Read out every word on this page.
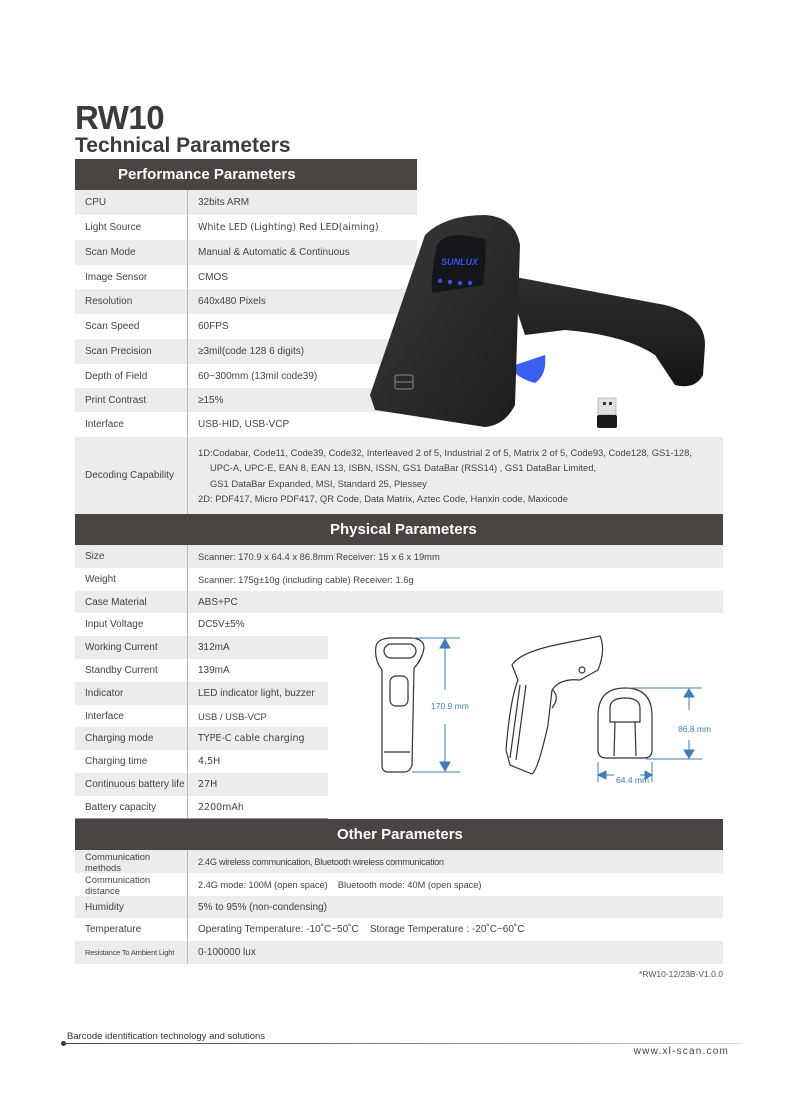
RW10
Technical Parameters
Performance Parameters
CPU	32bits ARM
Light Source	White LED (Lighting) Red LED(aiming)
Scan Mode	Manual & Automatic & Continuous
Image Sensor	CMOS
Resolution	640x480 Pixels
Scan Speed	60FPS
Scan Precision	≥3mil(code 128 6 digits)
Depth of Field	60~300mm (13mil code39)
Print Contrast	≥15%
Interface	USB-HID, USB-VCP
Decoding Capability
1D:Codabar, Code11, Code39, Code32, Interleaved 2 of 5, Industrial 2 of 5, Matrix 2 of 5, Code93, Code128, GS1-128,
UPC-A, UPC-E, EAN 8, EAN 13, ISBN, ISSN, GS1 DataBar (RSS14) , GS1 DataBar Limited,
GS1 DataBar Expanded, MSI, Standard 25, Plessey
2D: PDF417, Micro PDF417, QR Code, Data Matrix, Aztec Code, Hanxin code, Maxicode
SUNLUX
Physical Parameters
Size	Scanner: 170.9 x 64.4 x 86.8mm Receiver: 15 x 6 x 19mm
Weight	Scanner: 175g±10g (including cable) Receiver: 1.6g
Case Material	ABS+PC
Input Voltage	DC5V±5%
Working Current	312mA
Standby Current	139mA
Indicator	LED indicator light, buzzer
Interface	USB / USB-VCP
Charging mode	TYPE-C cable charging
Charging time	4.5H
Continuous battery life	27H
Battery capacity	2200mAh
170.9 mm
86.8 mm
64.4 mm
Other Parameters
Communication methods	2.4G wireless communication, Bluetooth wireless communication
Communication distance	2.4G mode: 100M (open space)    Bluetooth mode: 40M (open space)
Humidity	5% to 95% (non-condensing)
Temperature	Operating Temperature: -10˚C~50˚C    Storage Temperature : -20˚C~60˚C
Resistance To Ambient Light	0-100000 lux
*RW10-12/23B-V1.0.0
Barcode identification technology and solutions
www.xl-scan.com
